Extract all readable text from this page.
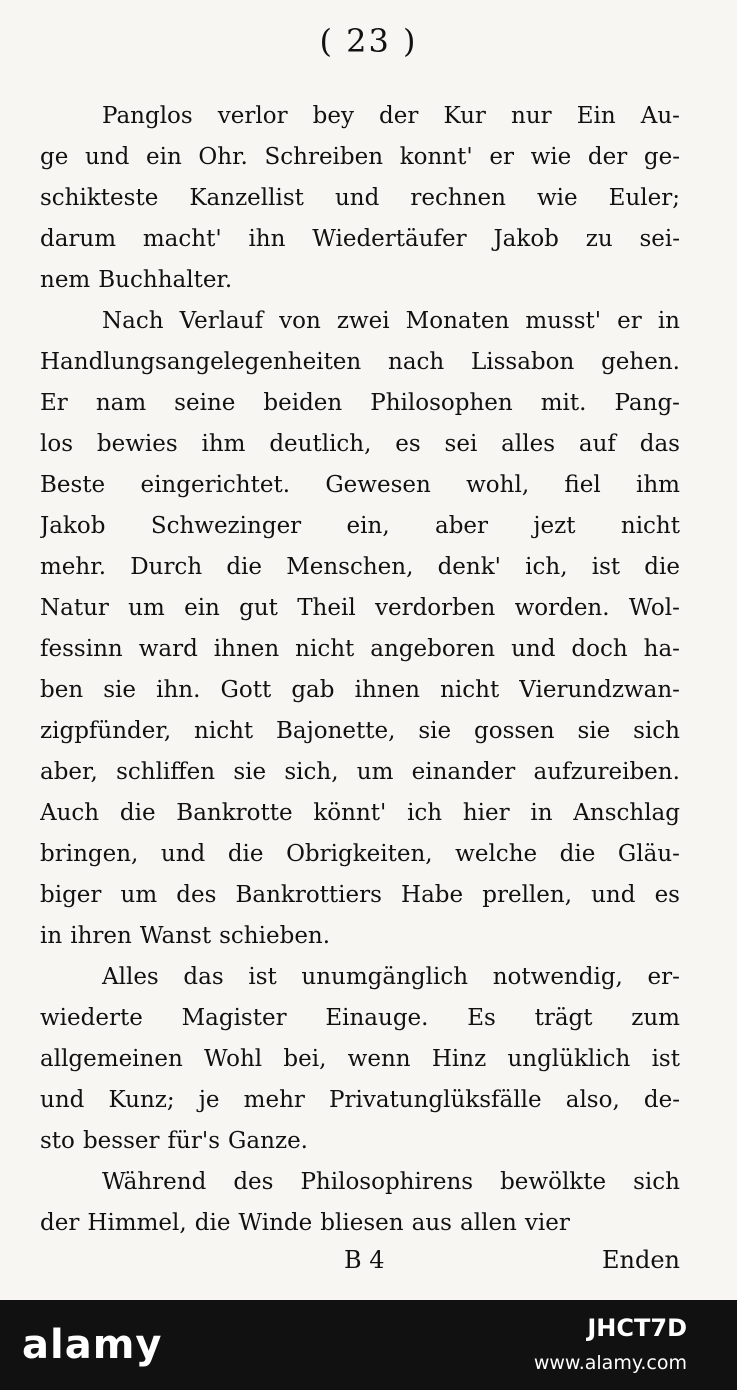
( 23 )
Panglos verlor bey der Kur nur Ein Au-
ge und ein Ohr. Schreiben konnt' er wie der ge-
schikteste Kanzellist und rechnen wie Euler;
darum macht' ihn Wiedertäufer Jakob zu sei-
nem Buchhalter.
Nach Verlauf von zwei Monaten musst' er in
Handlungsangelegenheiten nach Lissabon gehen.
Er nam seine beiden Philosophen mit. Pang-
los bewies ihm deutlich, es sei alles auf das
Beste eingerichtet. Gewesen wohl, fiel ihm
Jakob Schwezinger ein, aber jezt nicht
mehr. Durch die Menschen, denk' ich, ist die
Natur um ein gut Theil verdorben worden. Wol-
fessinn ward ihnen nicht angeboren und doch ha-
ben sie ihn. Gott gab ihnen nicht Vierundzwan-
zigpfünder, nicht Bajonette, sie gossen sie sich
aber, schliffen sie sich, um einander aufzureiben.
Auch die Bankrotte könnt' ich hier in Anschlag
bringen, und die Obrigkeiten, welche die Gläu-
biger um des Bankrottiers Habe prellen, und es
in ihren Wanst schieben.
Alles das ist unumgänglich notwendig, er-
wiederte Magister Einauge. Es trägt zum
allgemeinen Wohl bei, wenn Hinz unglüklich ist
und Kunz; je mehr Privatunglüksfälle also, de-
sto besser für's Ganze.
Während des Philosophirens bewölkte sich
der Himmel, die Winde bliesen aus allen vier
B 4	Enden
alamy	JHCT7D
www.alamy.com
